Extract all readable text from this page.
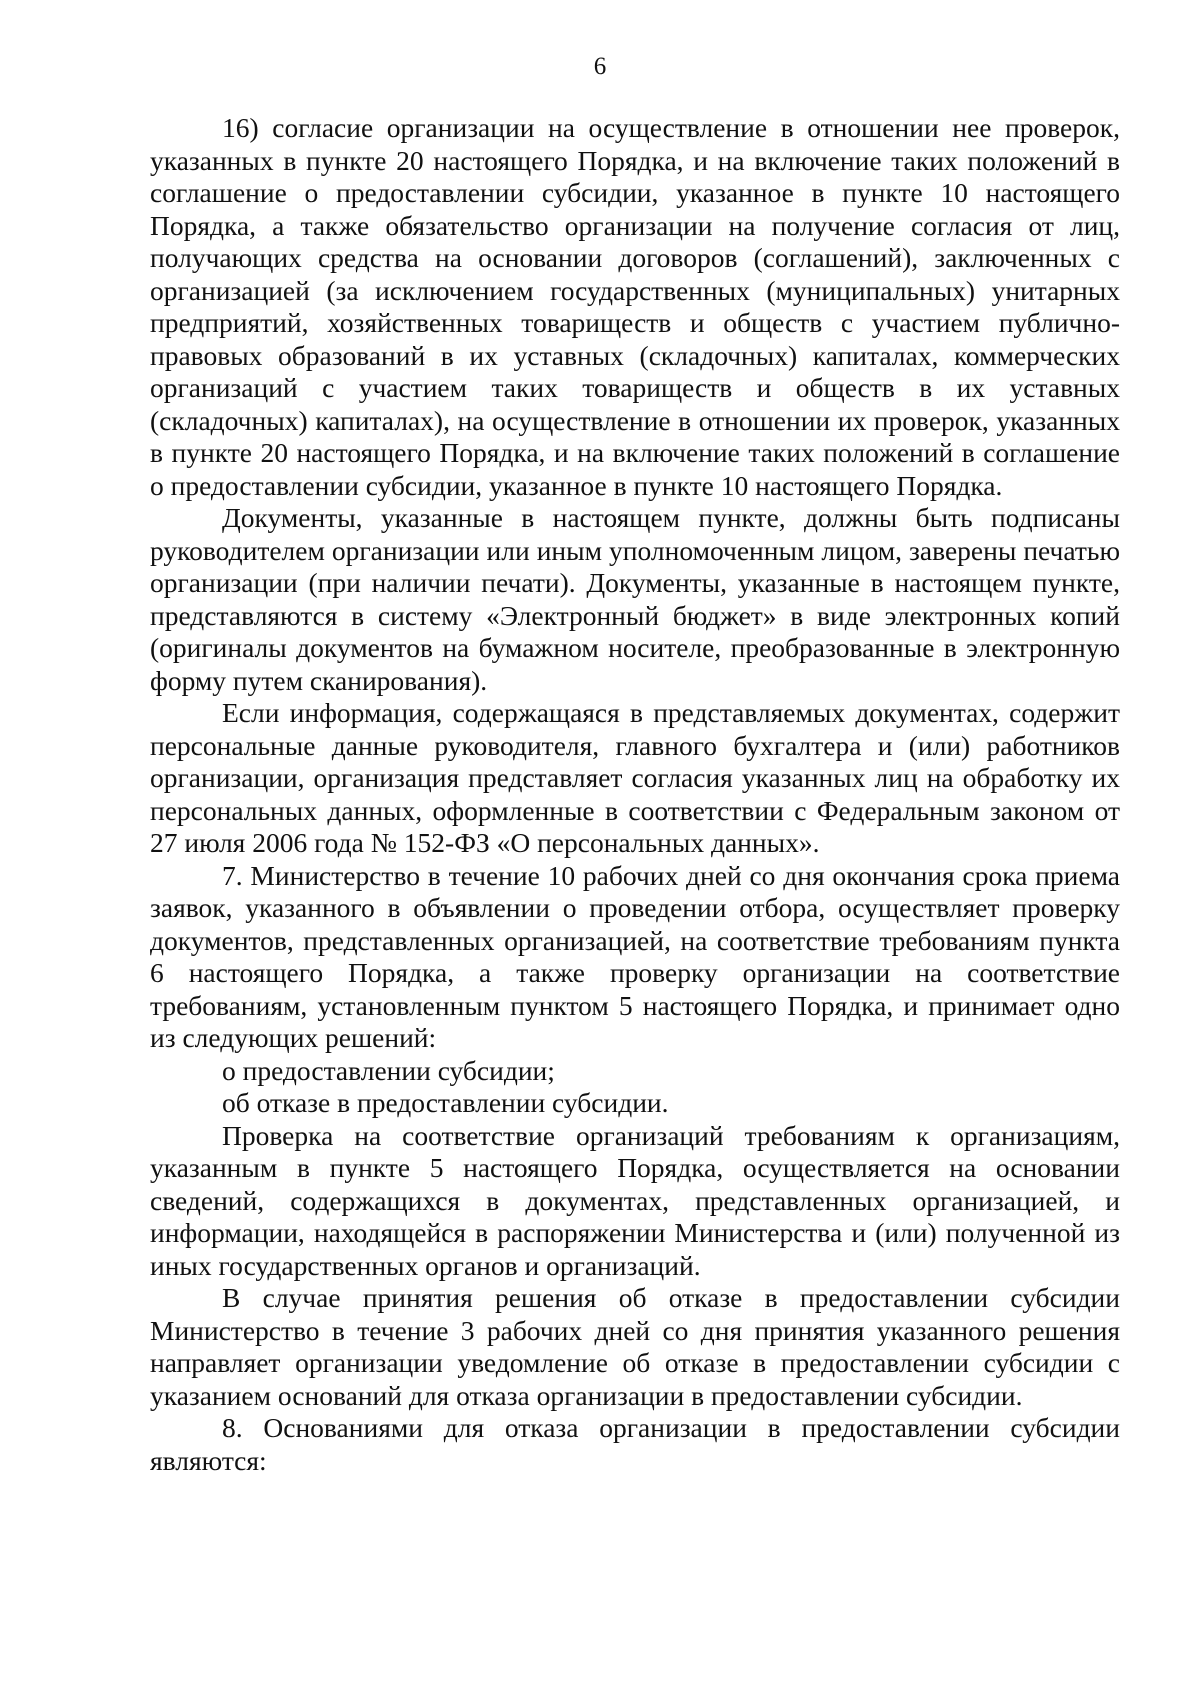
6

16) согласие организации на осуществление в отношении нее проверок, указанных в пункте 20 настоящего Порядка, и на включение таких положений в соглашение о предоставлении субсидии, указанное в пункте 10 настоящего Порядка, а также обязательство организации на получение согласия от лиц, получающих средства на основании договоров (соглашений), заключенных с организацией (за исключением государственных (муниципальных) унитарных предприятий, хозяйственных товариществ и обществ с участием публично-правовых образований в их уставных (складочных) капиталах, коммерческих организаций с участием таких товариществ и обществ в их уставных (складочных) капиталах), на осуществление в отношении их проверок, указанных в пункте 20 настоящего Порядка, и на включение таких положений в соглашение о предоставлении субсидии, указанное в пункте 10 настоящего Порядка.

Документы, указанные в настоящем пункте, должны быть подписаны руководителем организации или иным уполномоченным лицом, заверены печатью организации (при наличии печати). Документы, указанные в настоящем пункте, представляются в систему «Электронный бюджет» в виде электронных копий (оригиналы документов на бумажном носителе, преобразованные в электронную форму путем сканирования).

Если информация, содержащаяся в представляемых документах, содержит персональные данные руководителя, главного бухгалтера и (или) работников организации, организация представляет согласия указанных лиц на обработку их персональных данных, оформленные в соответствии с Федеральным законом от 27 июля 2006 года № 152-ФЗ «О персональных данных».

7. Министерство в течение 10 рабочих дней со дня окончания срока приема заявок, указанного в объявлении о проведении отбора, осуществляет проверку документов, представленных организацией, на соответствие требованиям пункта 6 настоящего Порядка, а также проверку организации на соответствие требованиям, установленным пунктом 5 настоящего Порядка, и принимает одно из следующих решений:

о предоставлении субсидии;

об отказе в предоставлении субсидии.

Проверка на соответствие организаций требованиям к организациям, указанным в пункте 5 настоящего Порядка, осуществляется на основании сведений, содержащихся в документах, представленных организацией, и информации, находящейся в распоряжении Министерства и (или) полученной из иных государственных органов и организаций.

В случае принятия решения об отказе в предоставлении субсидии Министерство в течение 3 рабочих дней со дня принятия указанного решения направляет организации уведомление об отказе в предоставлении субсидии с указанием оснований для отказа организации в предоставлении субсидии.

8. Основаниями для отказа организации в предоставлении субсидии являются:
